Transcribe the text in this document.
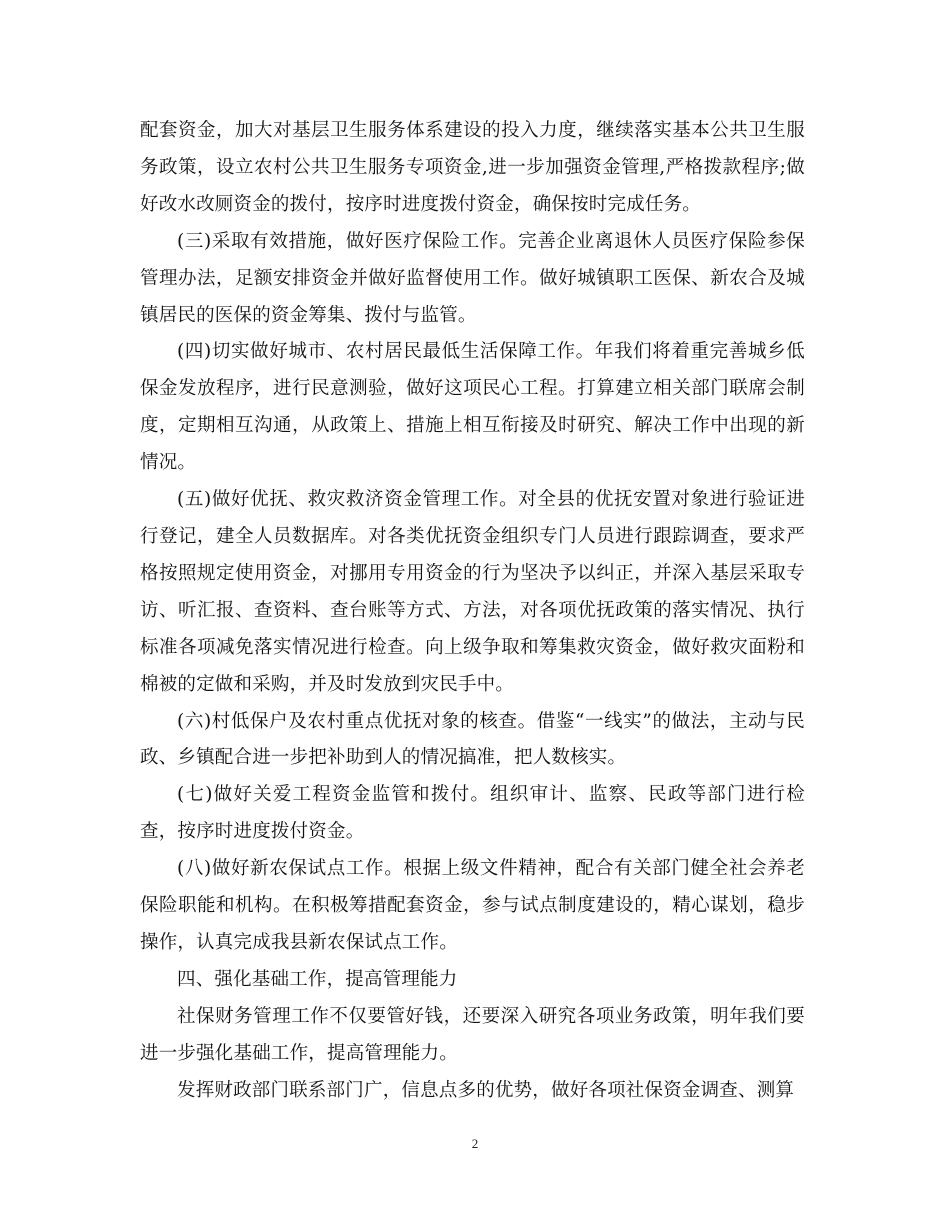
配套资金，加大对基层卫生服务体系建设的投入力度，继续落实基本公共卫生服务政策，设立农村公共卫生服务专项资金,进一步加强资金管理,严格拨款程序;做好改水改厕资金的拨付，按序时进度拨付资金，确保按时完成任务。

(三)采取有效措施，做好医疗保险工作。完善企业离退休人员医疗保险参保管理办法，足额安排资金并做好监督使用工作。做好城镇职工医保、新农合及城镇居民的医保的资金筹集、拨付与监管。

(四)切实做好城市、农村居民最低生活保障工作。年我们将着重完善城乡低保金发放程序，进行民意测验，做好这项民心工程。打算建立相关部门联席会制度，定期相互沟通，从政策上、措施上相互衔接及时研究、解决工作中出现的新情况。

(五)做好优抚、救灾救济资金管理工作。对全县的优抚安置对象进行验证进行登记，建全人员数据库。对各类优抚资金组织专门人员进行跟踪调查，要求严格按照规定使用资金，对挪用专用资金的行为坚决予以纠正，并深入基层采取专访、听汇报、查资料、查台账等方式、方法，对各项优抚政策的落实情况、执行标准各项减免落实情况进行检查。向上级争取和筹集救灾资金，做好救灾面粉和棉被的定做和采购，并及时发放到灾民手中。

(六)村低保户及农村重点优抚对象的核查。借鉴“一线实”的做法，主动与民政、乡镇配合进一步把补助到人的情况搞准，把人数核实。

(七)做好关爱工程资金监管和拨付。组织审计、监察、民政等部门进行检查，按序时进度拨付资金。

(八)做好新农保试点工作。根据上级文件精神，配合有关部门健全社会养老保险职能和机构。在积极筹措配套资金，参与试点制度建设的，精心谋划，稳步操作，认真完成我县新农保试点工作。

四、强化基础工作，提高管理能力

社保财务管理工作不仅要管好钱，还要深入研究各项业务政策，明年我们要进一步强化基础工作，提高管理能力。

发挥财政部门联系部门广，信息点多的优势，做好各项社保资金调查、测算

2
